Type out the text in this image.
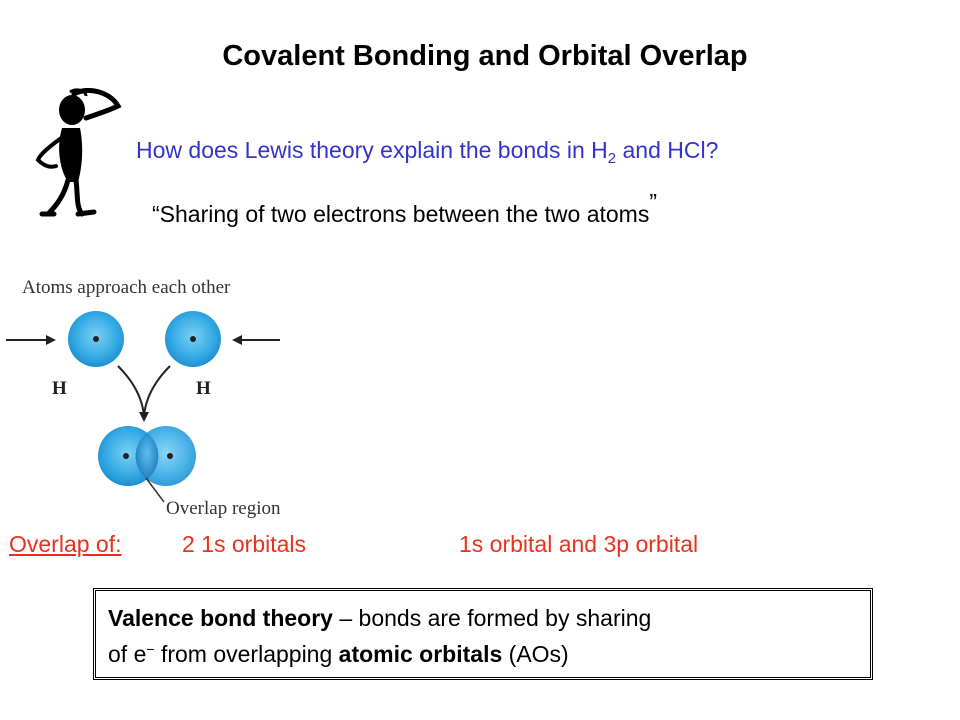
Covalent Bonding and Orbital Overlap
How does Lewis theory explain the bonds in $H_2$ and HCl?
“Sharing of two electrons between the two atoms”
Atoms approach each other
H	H
Overlap region
Overlap of:	2 1s orbitals	1s orbital and 3p orbital
Valence bond theory – bonds are formed by sharing
of e− from overlapping atomic orbitals (AOs)
